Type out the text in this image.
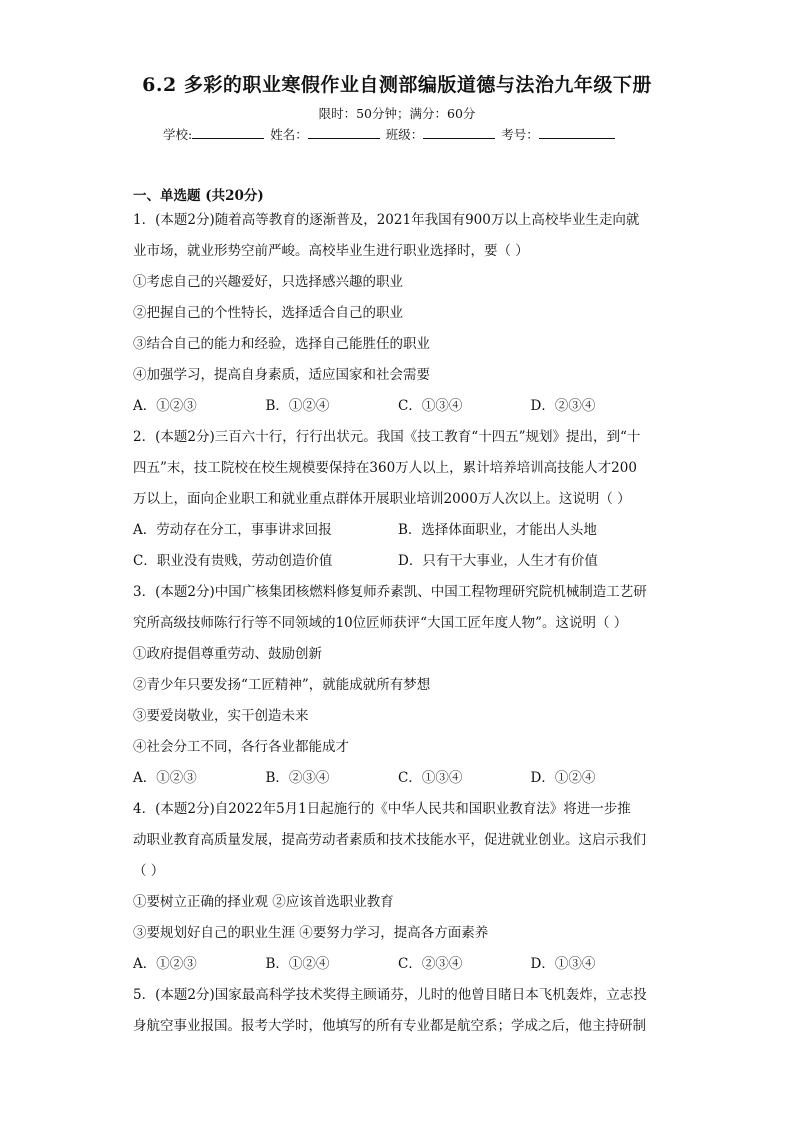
6.2 多彩的职业寒假作业自测部编版道德与法治九年级下册
限时：50分钟；满分：60分
学校:	姓名：	班级：	考号：
一、单选题 (共20分)
1．(本题2分)随着高等教育的逐渐普及，2021年我国有900万以上高校毕业生走向就
业市场，就业形势空前严峻。高校毕业生进行职业选择时，要（ ）
①考虑自己的兴趣爱好，只选择感兴趣的职业
②把握自己的个性特长，选择适合自己的职业
③结合自己的能力和经验，选择自己能胜任的职业
④加强学习，提高自身素质，适应国家和社会需要
A．①②③	B．①②④	C．①③④	D．②③④
2．(本题2分)三百六十行，行行出状元。我国《技工教育“十四五”规划》提出，到“十
四五”末，技工院校在校生规模要保持在360万人以上，累计培养培训高技能人才200
万以上，面向企业职工和就业重点群体开展职业培训2000万人次以上。这说明（ ）
A．劳动存在分工，事事讲求回报	B．选择体面职业，才能出人头地
C．职业没有贵贱，劳动创造价值	D．只有干大事业，人生才有价值
3．(本题2分)中国广核集团核燃料修复师乔素凯、中国工程物理研究院机械制造工艺研
究所高级技师陈行行等不同领域的10位匠师获评“大国工匠年度人物”。这说明（ ）
①政府提倡尊重劳动、鼓励创新
②青少年只要发扬“工匠精神”，就能成就所有梦想
③要爱岗敬业，实干创造未来
④社会分工不同，各行各业都能成才
A．①②③	B．②③④	C．①③④	D．①②④
4．(本题2分)自2022年5月1日起施行的《中华人民共和国职业教育法》将进一步推
动职业教育高质量发展，提高劳动者素质和技术技能水平，促进就业创业。这启示我们
（ ）
①要树立正确的择业观 ②应该首选职业教育
③要规划好自己的职业生涯 ④要努力学习，提高各方面素养
A．①②③	B．①②④	C．②③④	D．①③④
5．(本题2分)国家最高科学技术奖得主顾诵芬，儿时的他曾目睹日本飞机轰炸，立志投
身航空事业报国。报考大学时，他填写的所有专业都是航空系；学成之后，他主持研制
